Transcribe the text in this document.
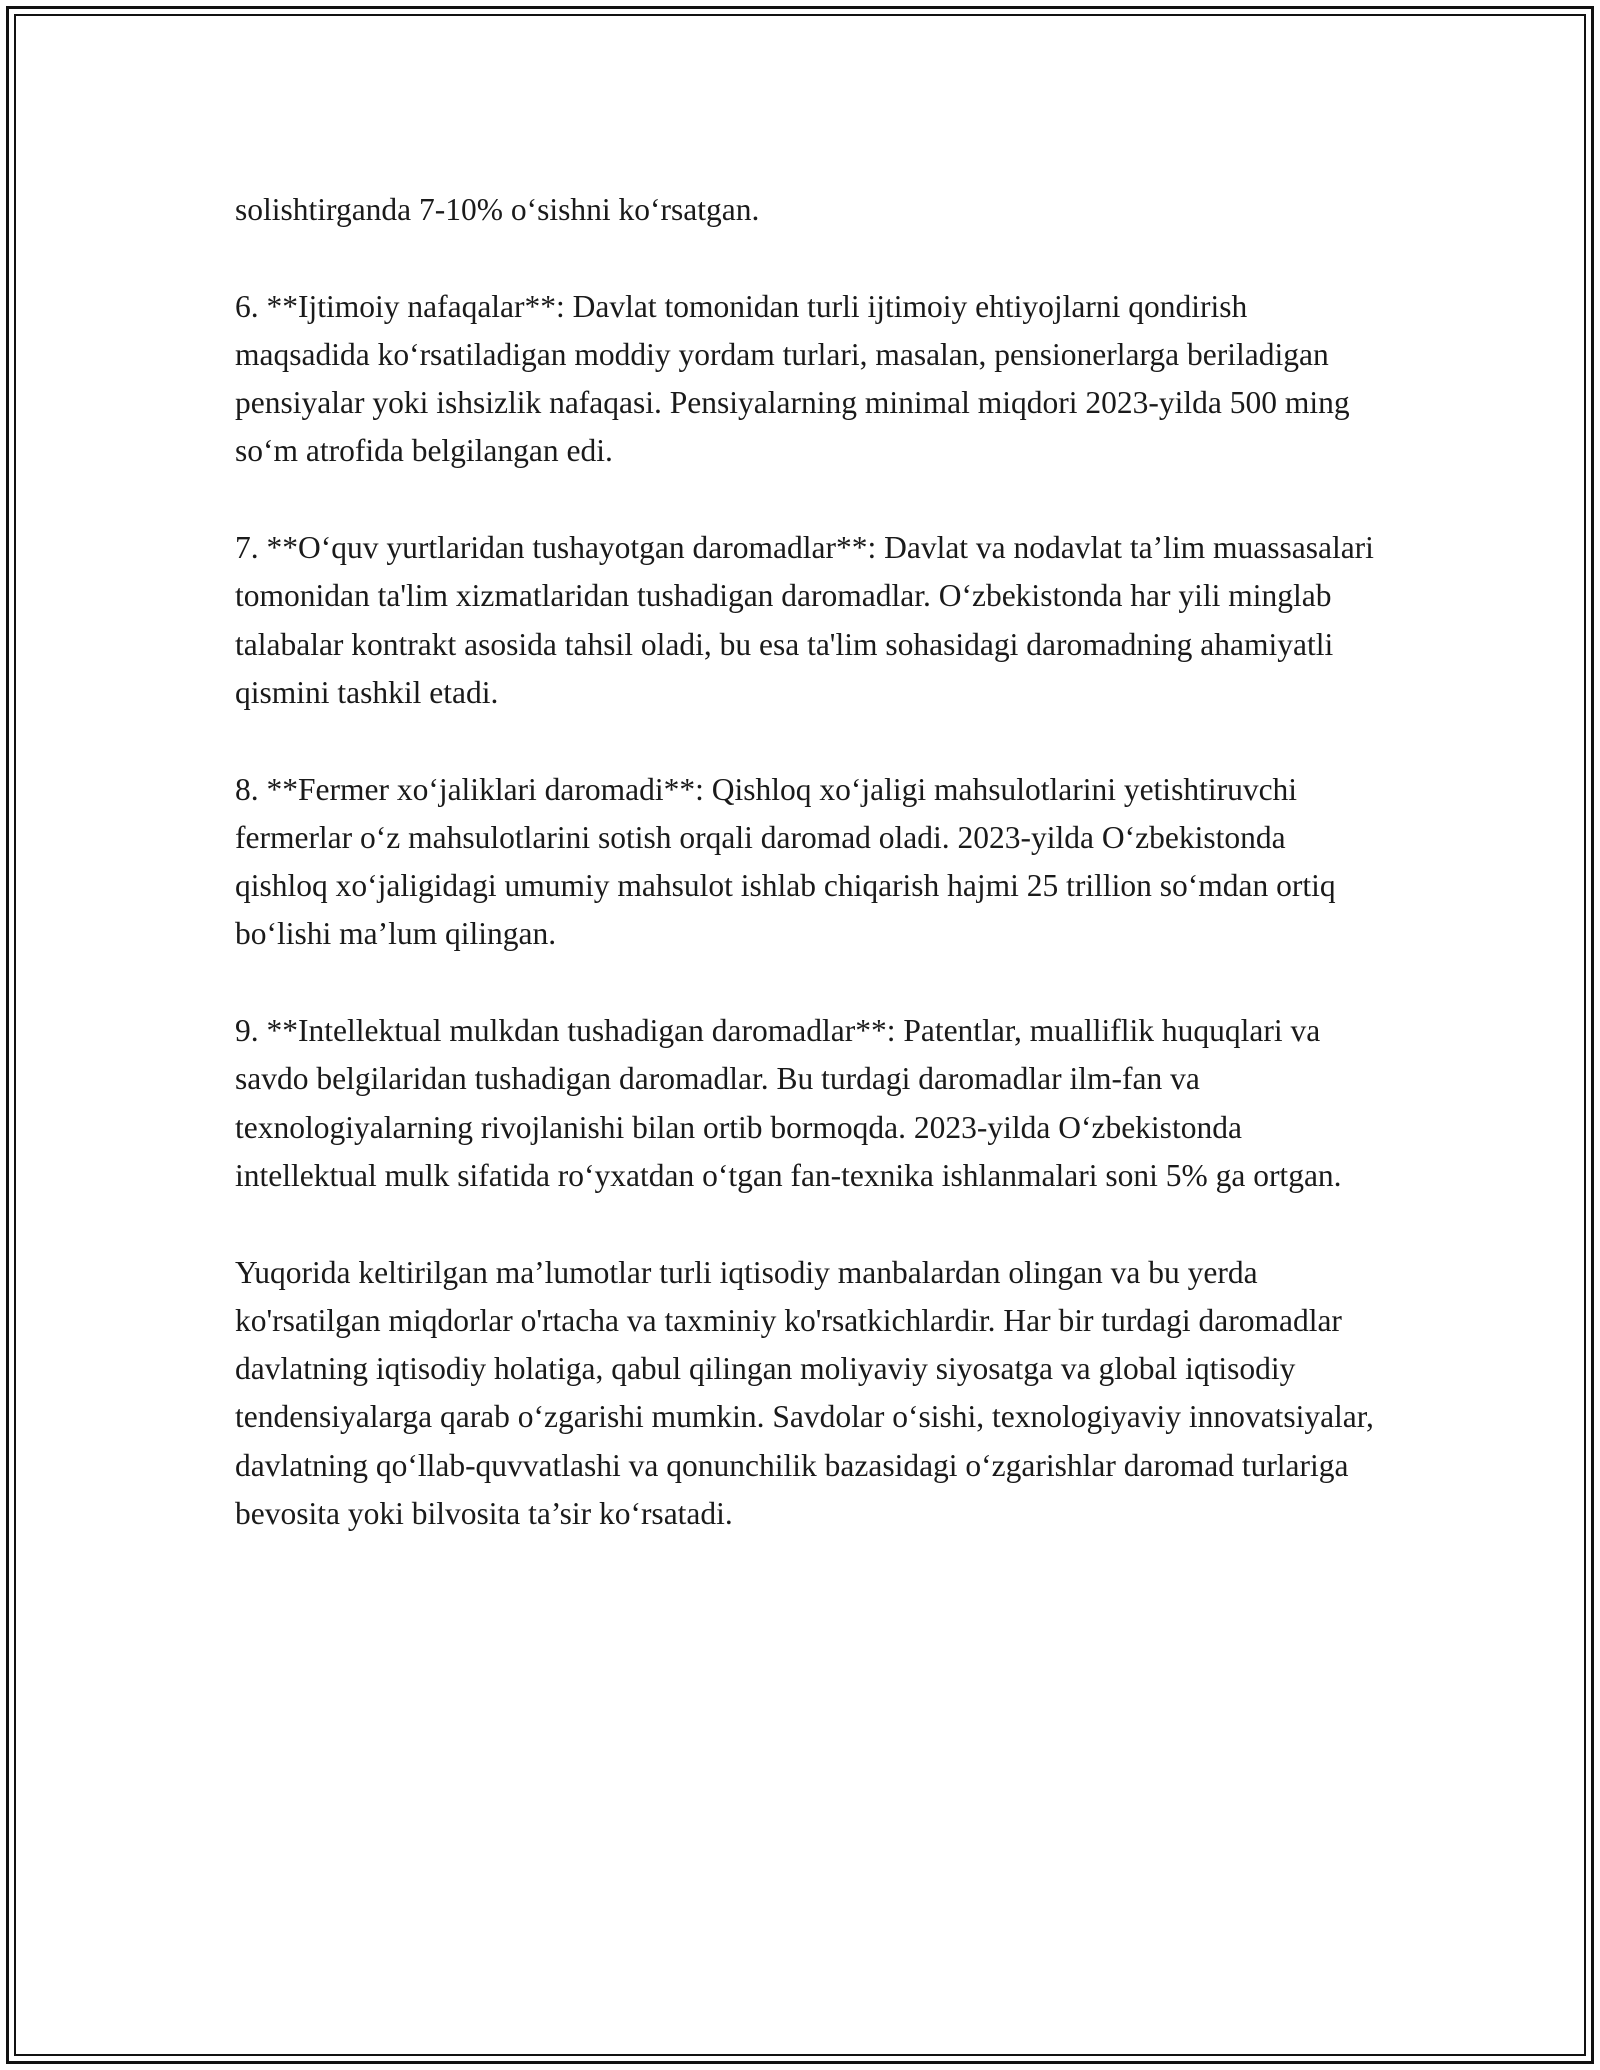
solishtirganda 7-10% o‘sishni ko‘rsatgan.

6. **Ijtimoiy nafaqalar**: Davlat tomonidan turli ijtimoiy ehtiyojlarni qondirish maqsadida ko‘rsatiladigan moddiy yordam turlari, masalan, pensionerlarga beriladigan pensiyalar yoki ishsizlik nafaqasi. Pensiyalarning minimal miqdori 2023-yilda 500 ming so‘m atrofida belgilangan edi.

7. **O‘quv yurtlaridan tushayotgan daromadlar**: Davlat va nodavlat ta’lim muassasalari tomonidan ta'lim xizmatlaridan tushadigan daromadlar. O‘zbekistonda har yili minglab talabalar kontrakt asosida tahsil oladi, bu esa ta'lim sohasidagi daromadning ahamiyatli qismini tashkil etadi.

8. **Fermer xo‘jaliklari daromadi**: Qishloq xo‘jaligi mahsulotlarini yetishtiruvchi fermerlar o‘z mahsulotlarini sotish orqali daromad oladi. 2023-yilda O‘zbekistonda qishloq xo‘jaligidagi umumiy mahsulot ishlab chiqarish hajmi 25 trillion so‘mdan ortiq bo‘lishi ma’lum qilingan.

9. **Intellektual mulkdan tushadigan daromadlar**: Patentlar, mualliflik huquqlari va savdo belgilaridan tushadigan daromadlar. Bu turdagi daromadlar ilm-fan va texnologiyalarning rivojlanishi bilan ortib bormoqda. 2023-yilda O‘zbekistonda intellektual mulk sifatida ro‘yxatdan o‘tgan fan-texnika ishlanmalari soni 5% ga ortgan.

Yuqorida keltirilgan ma’lumotlar turli iqtisodiy manbalardan olingan va bu yerda ko'rsatilgan miqdorlar o'rtacha va taxminiy ko'rsatkichlardir. Har bir turdagi daromadlar davlatning iqtisodiy holatiga, qabul qilingan moliyaviy siyosatga va global iqtisodiy tendensiyalarga qarab o‘zgarishi mumkin. Savdolar o‘sishi, texnologiyaviy innovatsiyalar, davlatning qo‘llab-quvvatlashi va qonunchilik bazasidagi o‘zgarishlar daromad turlariga bevosita yoki bilvosita ta’sir ko‘rsatadi.
